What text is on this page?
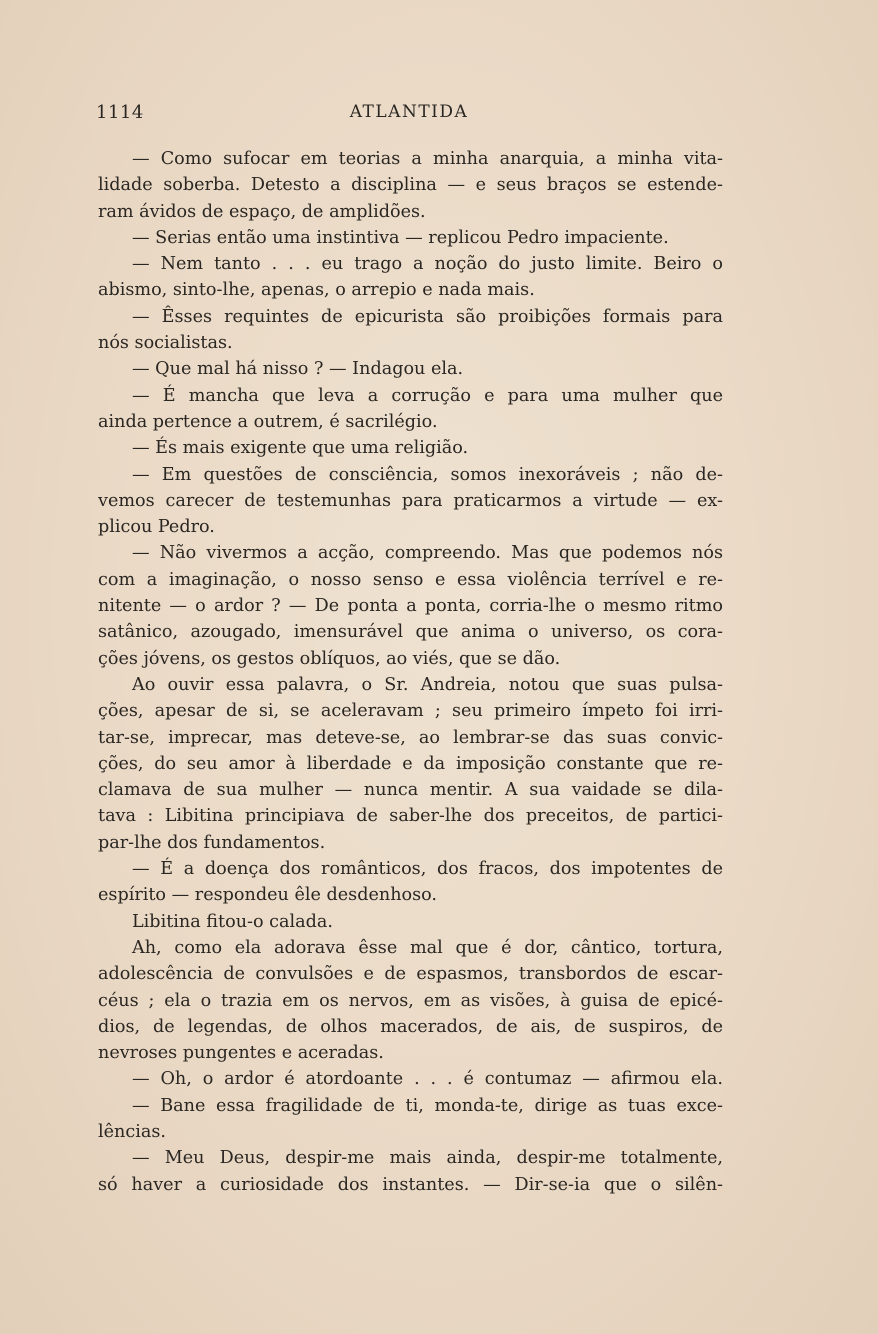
1114	ATLANTIDA
— Como sufocar em teorias a minha anarquia, a minha vita-
lidade soberba. Detesto a disciplina — e seus braços se estende-
ram ávidos de espaço, de amplidões.
— Serias então uma instintiva — replicou Pedro impaciente.
— Nem tanto . . . eu trago a noção do justo limite. Beiro o
abismo, sinto-lhe, apenas, o arrepio e nada mais.
— Êsses requintes de epicurista são proibições formais para
nós socialistas.
— Que mal há nisso ? — Indagou ela.
— É mancha que leva a corrução e para uma mulher que
ainda pertence a outrem, é sacrilégio.
— És mais exigente que uma religião.
— Em questões de consciência, somos inexoráveis ; não de-
vemos carecer de testemunhas para praticarmos a virtude — ex-
plicou Pedro.
— Não vivermos a acção, compreendo. Mas que podemos nós
com a imaginação, o nosso senso e essa violência terrível e re-
nitente — o ardor ? — De ponta a ponta, corria-lhe o mesmo ritmo
satânico, azougado, imensurável que anima o universo, os cora-
ções jóvens, os gestos oblíquos, ao viés, que se dão.
Ao ouvir essa palavra, o Sr. Andreia, notou que suas pulsa-
ções, apesar de si, se aceleravam ; seu primeiro ímpeto foi irri-
tar-se, imprecar, mas deteve-se, ao lembrar-se das suas convic-
ções, do seu amor à liberdade e da imposição constante que re-
clamava de sua mulher — nunca mentir. A sua vaidade se dila-
tava : Libitina principiava de saber-lhe dos preceitos, de partici-
par-lhe dos fundamentos.
— É a doença dos românticos, dos fracos, dos impotentes de
espírito — respondeu êle desdenhoso.
Libitina fitou-o calada.
Ah, como ela adorava êsse mal que é dor, cântico, tortura,
adolescência de convulsões e de espasmos, transbordos de escar-
céus ; ela o trazia em os nervos, em as visões, à guisa de epicé-
dios, de legendas, de olhos macerados, de ais, de suspiros, de
nevroses pungentes e aceradas.
— Oh, o ardor é atordoante . . . é contumaz — afirmou ela.
— Bane essa fragilidade de ti, monda-te, dirige as tuas exce-
lências.
— Meu Deus, despir-me mais ainda, despir-me totalmente,
só haver a curiosidade dos instantes. — Dir-se-ia que o silên-
